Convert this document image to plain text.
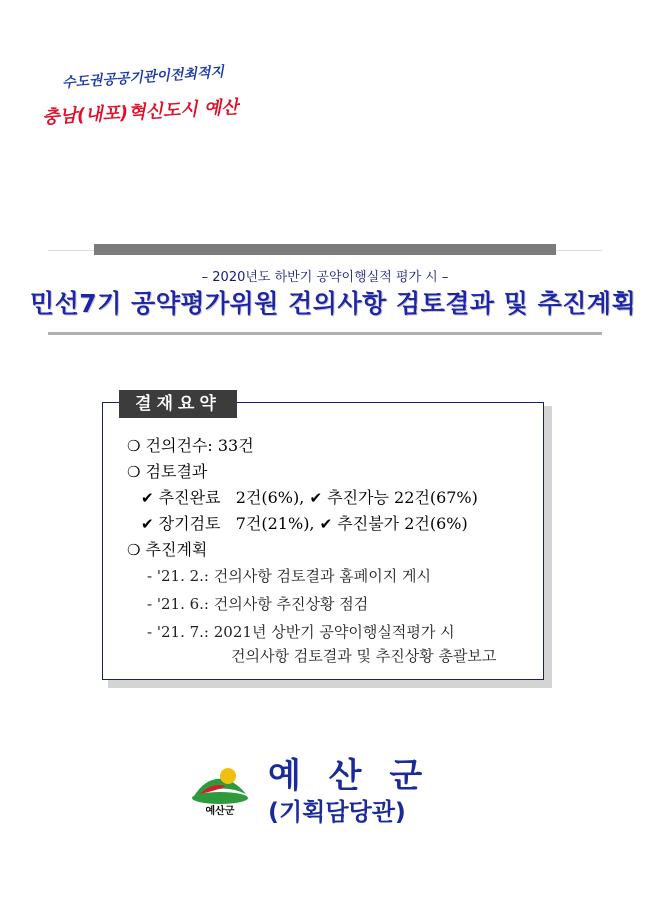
수도권공공기관이전최적지
충남(내포)혁신도시 예산
– 2020년도 하반기 공약이행실적 평가 시 –
민선7기 공약평가위원 건의사항 검토결과 및 추진계획
❍ 건의건수: 33건
❍ 검토결과
✔ 추진완료   2건(6%), ✔ 추진가능 22건(67%)
✔ 장기검토   7건(21%), ✔ 추진불가 2건(6%)
❍ 추진계획
- '21. 2.: 건의사항 검토결과 홈페이지 게시
- '21. 6.: 건의사항 추진상황 점검
- '21. 7.: 2021년 상반기 공약이행실적평가 시
건의사항 검토결과 및 추진상황 총괄보고
결재요약
예산군
예 산 군
(기획담당관)
